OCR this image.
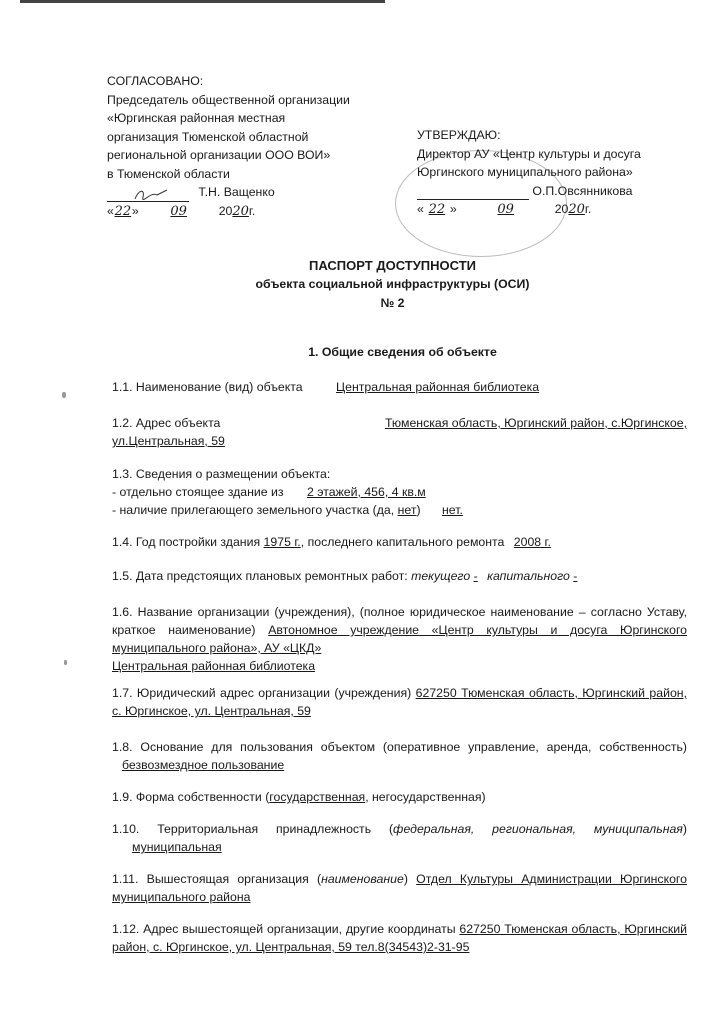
СОГЛАСОВАНО:
Председатель общественной организации
«Юргинская районная местная
организация Тюменской областной
региональной организации ООО ВОИ»
в Тюменской области
Т.Н. Ващенко
«22» 09	2020г.
УТВЕРЖДАЮ:
Директор АУ «Центр культуры и досуга
Юргинского муниципального района»
О.П.Овсянникова
« 22 »	09	2020г.
ПАСПОРТ ДОСТУПНОСТИ
объекта социальной инфраструктуры (ОСИ)
№ 2
1. Общие сведения об объекте
1.1. Наименование (вид) объекта	Центральная районная библиотека
1.2. Адрес объекта	Тюменская область, Юргинский район, с.Юргинское,
ул.Центральная, 59
1.3. Сведения о размещении объекта:
- отдельно стоящее здание из 2 этажей, 456, 4 кв.м
- наличие прилегающего земельного участка (да, нет) нет.
1.4. Год постройки здания 1975 г., последнего капитального ремонта 2008 г.
1.5. Дата предстоящих плановых ремонтных работ: текущего - капитального -
1.6. Название организации (учреждения), (полное юридическое наименование – согласно Уставу, краткое наименование) Автономное учреждение «Центр культуры и досуга Юргинского муниципального района», АУ «ЦКД»
Центральная районная библиотека
1.7. Юридический адрес организации (учреждения) 627250 Тюменская область, Юргинский район, с. Юргинское, ул. Центральная, 59
1.8. Основание для пользования объектом (оперативное управление, аренда, собственность) безвозмездное пользование
1.9. Форма собственности (государственная, негосударственная)
1.10. Территориальная принадлежность (федеральная, региональная, муниципальная) муниципальная
1.11. Вышестоящая организация (наименование) Отдел Культуры Администрации Юргинского муниципального района
1.12. Адрес вышестоящей организации, другие координаты 627250 Тюменская область, Юргинский район, с. Юргинское, ул. Центральная, 59 тел.8(34543)2-31-95
